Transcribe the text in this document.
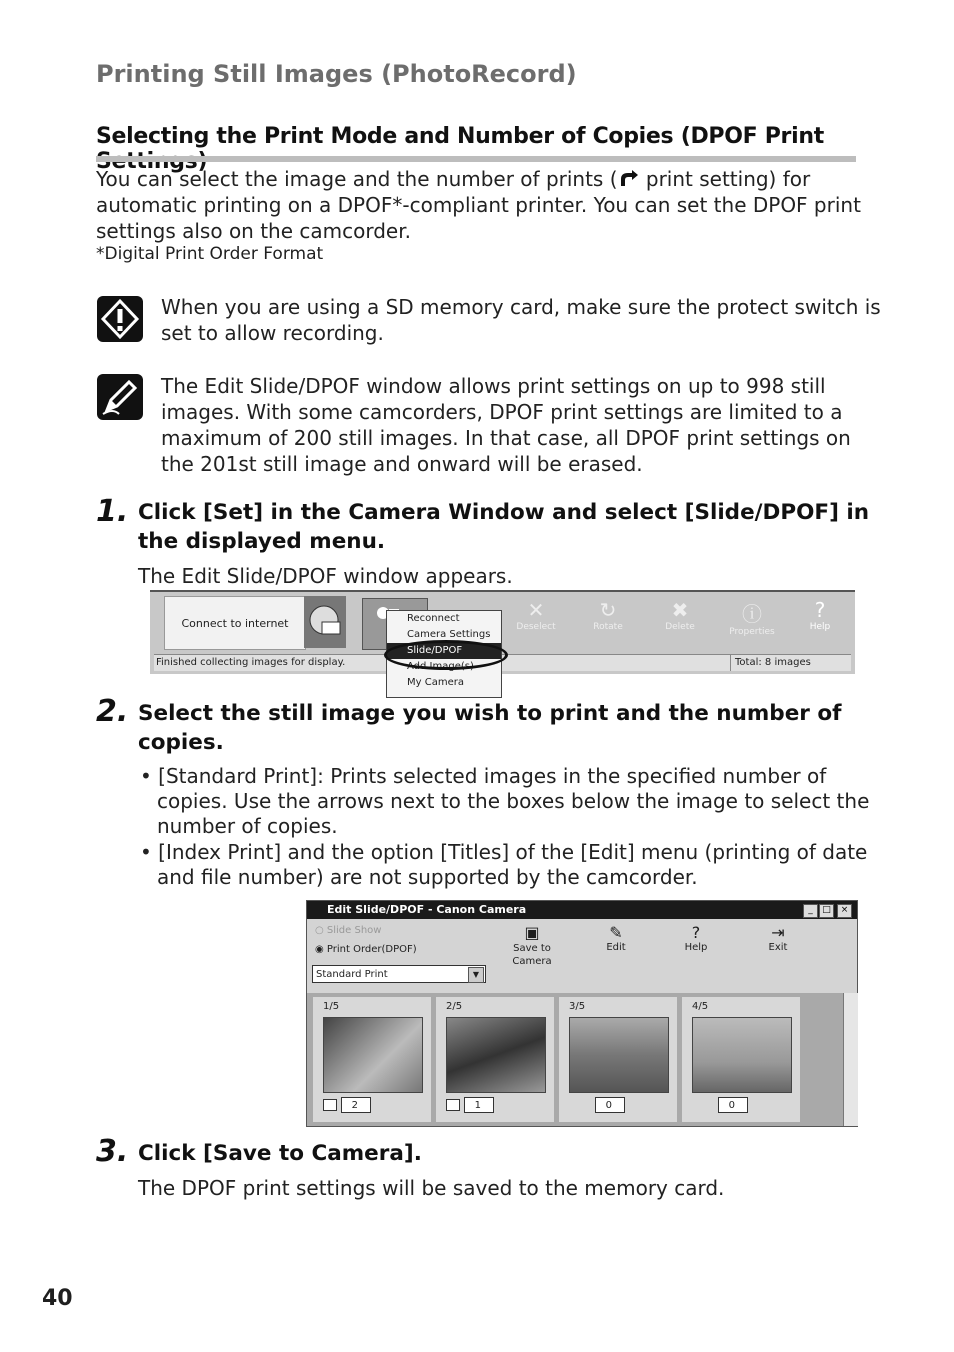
Printing Still Images (PhotoRecord)
Selecting the Print Mode and Number of Copies (DPOF Print
You can select the image and the number of prints ( print setting) for
automatic printing on a DPOF*-compliant printer. You can set the DPOF print
settings also on the camcorder.
*Digital Print Order Format
When you are using a SD memory card, make sure the protect switch is
set to allow recording.
The Edit Slide/DPOF window allows print settings on up to 998 still
images. With some camcorders, DPOF print settings are limited to a
maximum of 200 still images. In that case, all DPOF print settings on
the 201st still image and onward will be erased.
1. Click [Set] in the Camera Window and select [Slide/DPOF] in
the displayed menu.
The Edit Slide/DPOF window appears.
Connect to internet
✕
Deselect
↻
Rotate
✖
Delete
ⓘ
Properties
?
Help
Finished collecting images for display.	Total: 8 images
Reconnect
Camera Settings
Slide/DPOF
Add Image(s)
My Camera
2. Select the still image you wish to print and the number of
copies.
• [Standard Print]: Prints selected images in the specified number of
copies. Use the arrows next to the boxes below the image to select the
number of copies.
• [Index Print] and the option [Titles] of the [Edit] menu (printing of date
and file number) are not supported by the camcorder.
Edit Slide/DPOF - Canon Camera	_	□	×
○ Slide Show
◉ Print Order(DPOF)
Standard Print	▼
▣
Save to Camera
✎
Edit
?
Help
⇥
Exit
1/5
2
2/5
1
3/5
0
4/5
0
3. Click [Save to Camera].
The DPOF print settings will be saved to the memory card.
40
